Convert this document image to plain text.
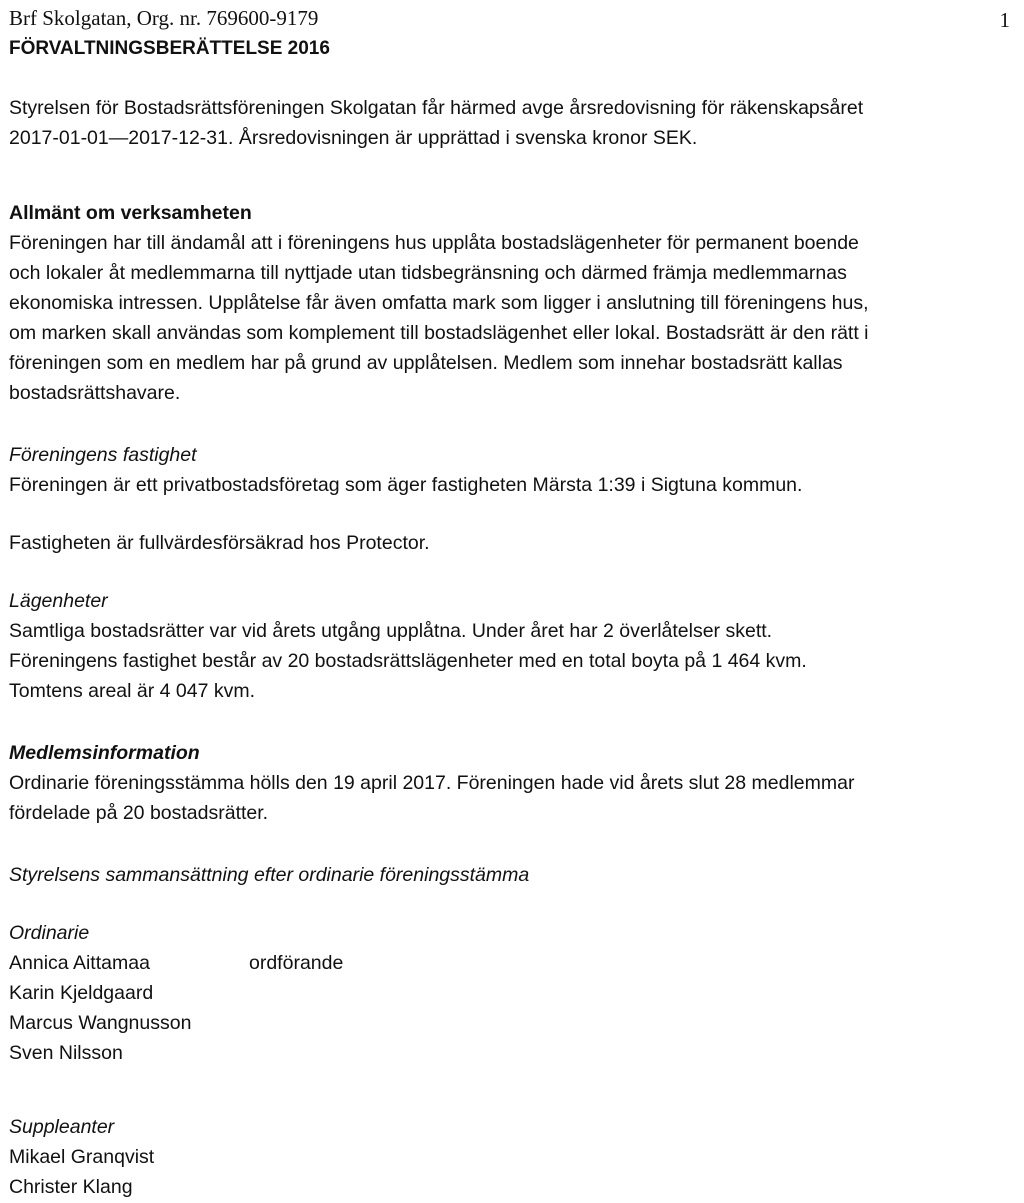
Brf Skolgatan, Org. nr. 769600-9179	1
FÖRVALTNINGSBERÄTTELSE 2016

Styrelsen för Bostadsrättsföreningen Skolgatan får härmed avge årsredovisning för räkenskapsåret
2017-01-01—2017-12-31. Årsredovisningen är upprättad i svenska kronor SEK.

Allmänt om verksamheten

Föreningen har till ändamål att i föreningens hus upplåta bostadslägenheter för permanent boende
och lokaler åt medlemmarna till nyttjade utan tidsbegränsning och därmed främja medlemmarnas
ekonomiska intressen. Upplåtelse får även omfatta mark som ligger i anslutning till föreningens hus,
om marken skall användas som komplement till bostadslägenhet eller lokal. Bostadsrätt är den rätt i
föreningen som en medlem har på grund av upplåtelsen. Medlem som innehar bostadsrätt kallas
bostadsrättshavare.

Föreningens fastighet

Föreningen är ett privatbostadsföretag som äger fastigheten Märsta 1:39 i Sigtuna kommun.

Fastigheten är fullvärdesförsäkrad hos Protector.

Lägenheter

Samtliga bostadsrätter var vid årets utgång upplåtna. Under året har 2 överlåtelser skett.
Föreningens fastighet består av 20 bostadsrättslägenheter med en total boyta på 1 464 kvm.
Tomtens areal är 4 047 kvm.

Medlemsinformation

Ordinarie föreningsstämma hölls den 19 april 2017. Föreningen hade vid årets slut 28 medlemmar
fördelade på 20 bostadsrätter.

Styrelsens sammansättning efter ordinarie föreningsstämma

Ordinarie

Annica Aittamaa	ordförande
Karin Kjeldgaard
Marcus Wangnusson
Sven Nilsson

Suppleanter

Mikael Granqvist
Christer Klang
